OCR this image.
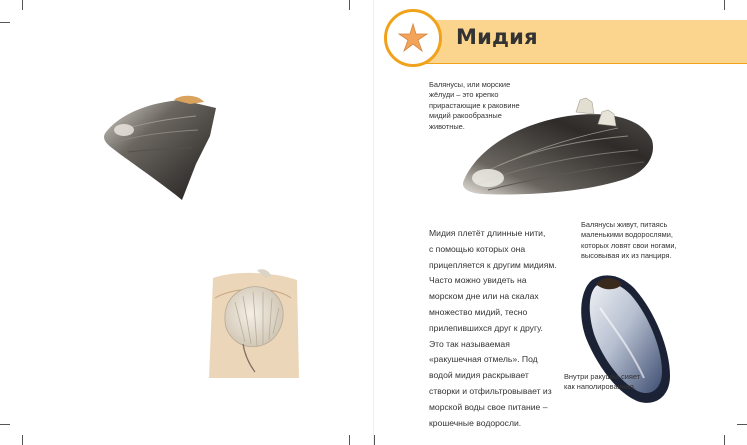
Мидия
Балянусы, или морские
жёлуди – это крепко
прирастающие к раковине
мидий ракообразные
животные.
Балянусы живут, питаясь
маленькими водорослями,
которых ловят свои ногами,
высовывая их из панциря.
Мидия плетёт длинные нити,
с помощью которых она
прицепляется к другим мидиям.
Часто можно увидеть на
морском дне или на скалах
множество мидий, тесно
прилепившихся друг к другу.
Это так называемая
«ракушечная отмель». Под
водой мидия раскрывает
створки и отфильтровывает из
морской воды свое питание –
крошечные водоросли.
Внутри ракушка сияет
как наполированная.
